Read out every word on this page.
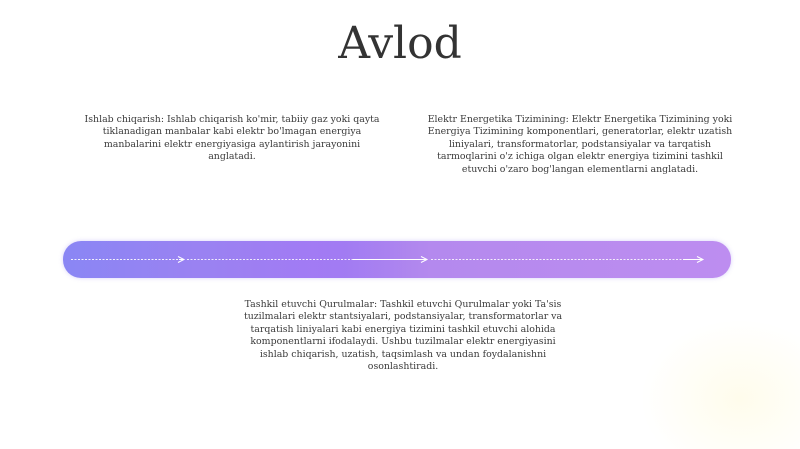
Avlod

Ishlab chiqarish: Ishlab chiqarish ko'mir, tabiiy gaz yoki qayta tiklanadigan manbalar kabi elektr bo'lmagan energiya manbalarini elektr energiyasiga aylantirish jarayonini anglatadi.

Elektr Energetika Tizimining: Elektr Energetika Tizimining yoki Energiya Tizimining komponentlari, generatorlar, elektr uzatish liniyalari, transformatorlar, podstansiyalar va tarqatish tarmoqlarini o'z ichiga olgan elektr energiya tizimini tashkil etuvchi o'zaro bog'langan elementlarni anglatadi.

Tashkil etuvchi Qurulmalar: Tashkil etuvchi Qurulmalar yoki Ta'sis tuzilmalari elektr stantsiyalari, podstansiyalar, transformatorlar va tarqatish liniyalari kabi energiya tizimini tashkil etuvchi alohida komponentlarni ifodalaydi. Ushbu tuzilmalar elektr energiyasini ishlab chiqarish, uzatish, taqsimlash va undan foydalanishni osonlashtiradi.
